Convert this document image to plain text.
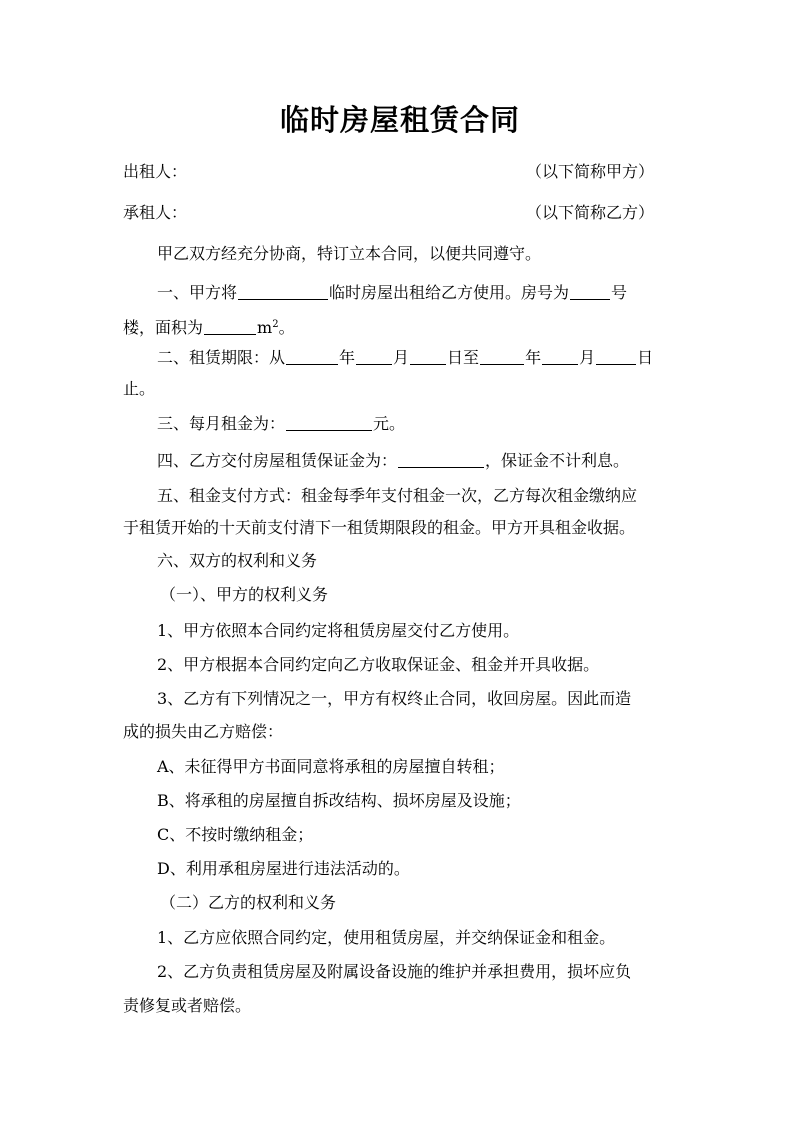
临时房屋租赁合同
出租人：	（以下简称甲方）
承租人：	（以下简称乙方）
甲乙双方经充分协商，特订立本合同，以便共同遵守。
一、甲方将	临时房屋出租给乙方使用。房号为	号
楼，面积为	$m^2$。
二、租赁期限：从	年 月 日至	年 月	日
止。
三、每月租金为：	元。
四、乙方交付房屋租赁保证金为：	，保证金不计利息。
五、租金支付方式：租金每季年支付租金一次，乙方每次租金缴纳应
于租赁开始的十天前支付清下一租赁期限段的租金。甲方开具租金收据。
六、双方的权利和义务
（一）、甲方的权利义务
1、甲方依照本合同约定将租赁房屋交付乙方使用。
2、甲方根据本合同约定向乙方收取保证金、租金并开具收据。
3、乙方有下列情况之一，甲方有权终止合同，收回房屋。因此而造
成的损失由乙方赔偿：
A、未征得甲方书面同意将承租的房屋擅自转租；
B、将承租的房屋擅自拆改结构、损坏房屋及设施；
C、不按时缴纳租金；
D、利用承租房屋进行违法活动的。
（二）乙方的权利和义务
1、乙方应依照合同约定，使用租赁房屋，并交纳保证金和租金。
2、乙方负责租赁房屋及附属设备设施的维护并承担费用，损坏应负
责修复或者赔偿。
